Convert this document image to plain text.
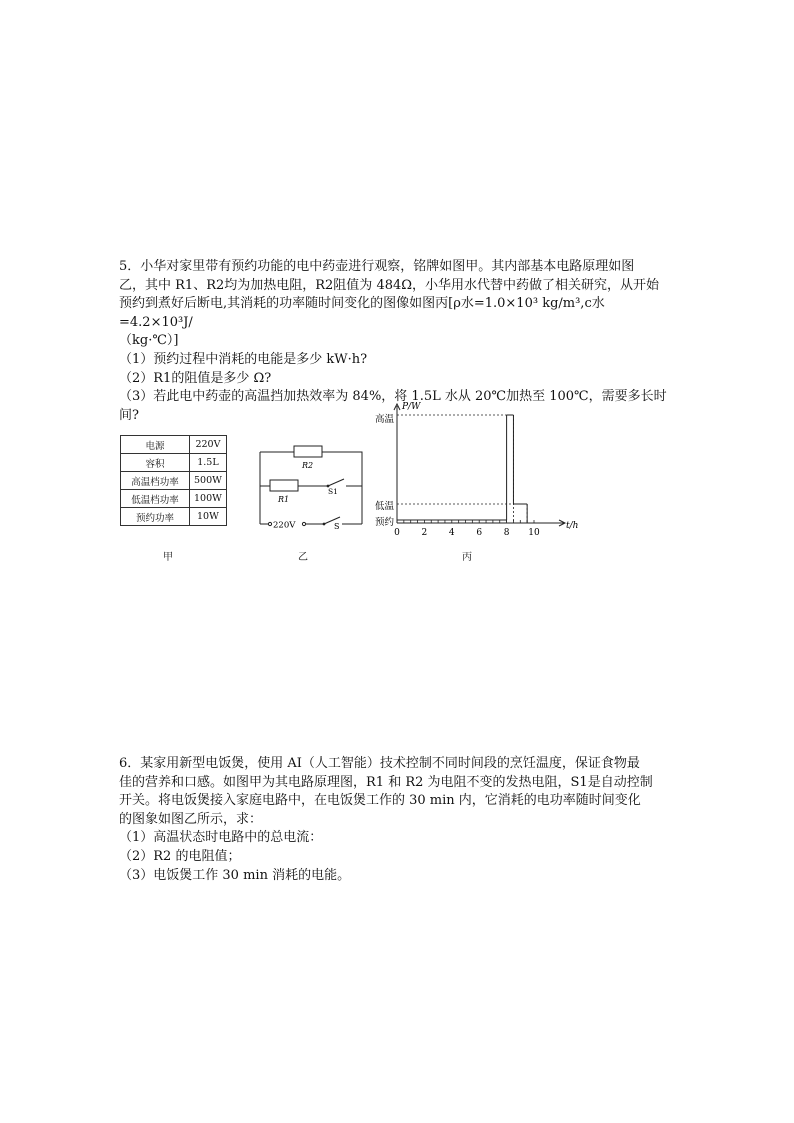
5．小华对家里带有预约功能的电中药壶进行观察，铭牌如图甲。其内部基本电路原理如图

乙，其中 R1、R2均为加热电阻，R2阻值为 484Ω，小华用水代替中药做了相关研究，从开始

预约到煮好后断电,其消耗的功率随时间变化的图像如图丙[ρ水=1.0×10³ kg/m³,c水=4.2×10³J/

（kg·℃）]

（1）预约过程中消耗的电能是多少 kW·h?

（2）R1的阻值是多少 Ω?

（3）若此电中药壶的高温挡加热效率为 84%，将 1.5L 水从 20℃加热至 100℃，需要多长时

间?

电源	220V
容积	1.5L
高温档功率	500W
低温档功率	100W
预约功率	10W
R2
R1
S1
220V	S
P/W
t/h
高温
低温
预约
0 2 4 6 8 10
甲	乙	丙

6．某家用新型电饭煲，使用 AI（人工智能）技术控制不同时间段的烹饪温度，保证食物最

佳的营养和口感。如图甲为其电路原理图，R1 和 R2 为电阻不变的发热电阻，S1是自动控制

开关。将电饭煲接入家庭电路中，在电饭煲工作的 30 min 内，它消耗的电功率随时间变化

的图象如图乙所示，求：

（1）高温状态时电路中的总电流：

（2）R2 的电阻值；

（3）电饭煲工作 30 min 消耗的电能。
